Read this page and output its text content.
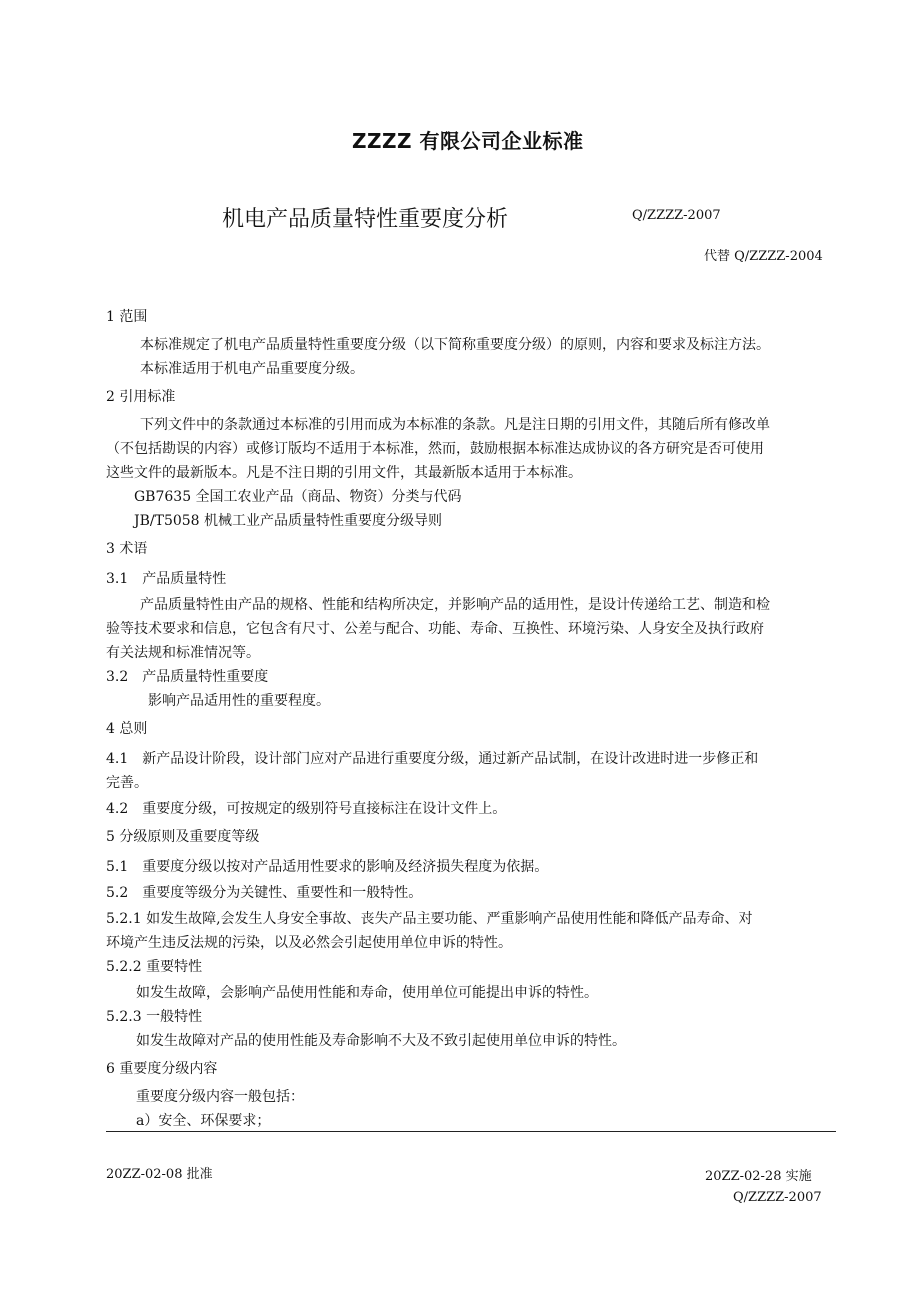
ZZZZ 有限公司企业标准
机电产品质量特性重要度分析	Q/ZZZZ-2007
代替 Q/ZZZZ-2004
1 范围
本标准规定了机电产品质量特性重要度分级（以下简称重要度分级）的原则，内容和要求及标注方法。
本标准适用于机电产品重要度分级。
2 引用标准
下列文件中的条款通过本标准的引用而成为本标准的条款。凡是注日期的引用文件，其随后所有修改单
（不包括勘误的内容）或修订版均不适用于本标准，然而，鼓励根据本标准达成协议的各方研究是否可使用
这些文件的最新版本。凡是不注日期的引用文件，其最新版本适用于本标准。
GB7635 全国工农业产品（商品、物资）分类与代码
JB/T5058 机械工业产品质量特性重要度分级导则
3 术语
3.1　产品质量特性
产品质量特性由产品的规格、性能和结构所决定，并影响产品的适用性，是设计传递给工艺、制造和检
验等技术要求和信息，它包含有尺寸、公差与配合、功能、寿命、互换性、环境污染、人身安全及执行政府
有关法规和标准情况等。
3.2　产品质量特性重要度
影响产品适用性的重要程度。
4 总则
4.1　新产品设计阶段，设计部门应对产品进行重要度分级，通过新产品试制，在设计改进时进一步修正和
完善。
4.2　重要度分级，可按规定的级别符号直接标注在设计文件上。
5 分级原则及重要度等级
5.1　重要度分级以按对产品适用性要求的影响及经济损失程度为依据。
5.2　重要度等级分为关键性、重要性和一般特性。
5.2.1 如发生故障,会发生人身安全事故、丧失产品主要功能、严重影响产品使用性能和降低产品寿命、对
环境产生违反法规的污染，以及必然会引起使用单位申诉的特性。
5.2.2 重要特性
如发生故障，会影响产品使用性能和寿命，使用单位可能提出申诉的特性。
5.2.3 一般特性
如发生故障对产品的使用性能及寿命影响不大及不致引起使用单位申诉的特性。
6 重要度分级内容
重要度分级内容一般包括：
a）安全、环保要求；
20ZZ-02-08 批准	20ZZ-02-28 实施
Q/ZZZZ-2007
